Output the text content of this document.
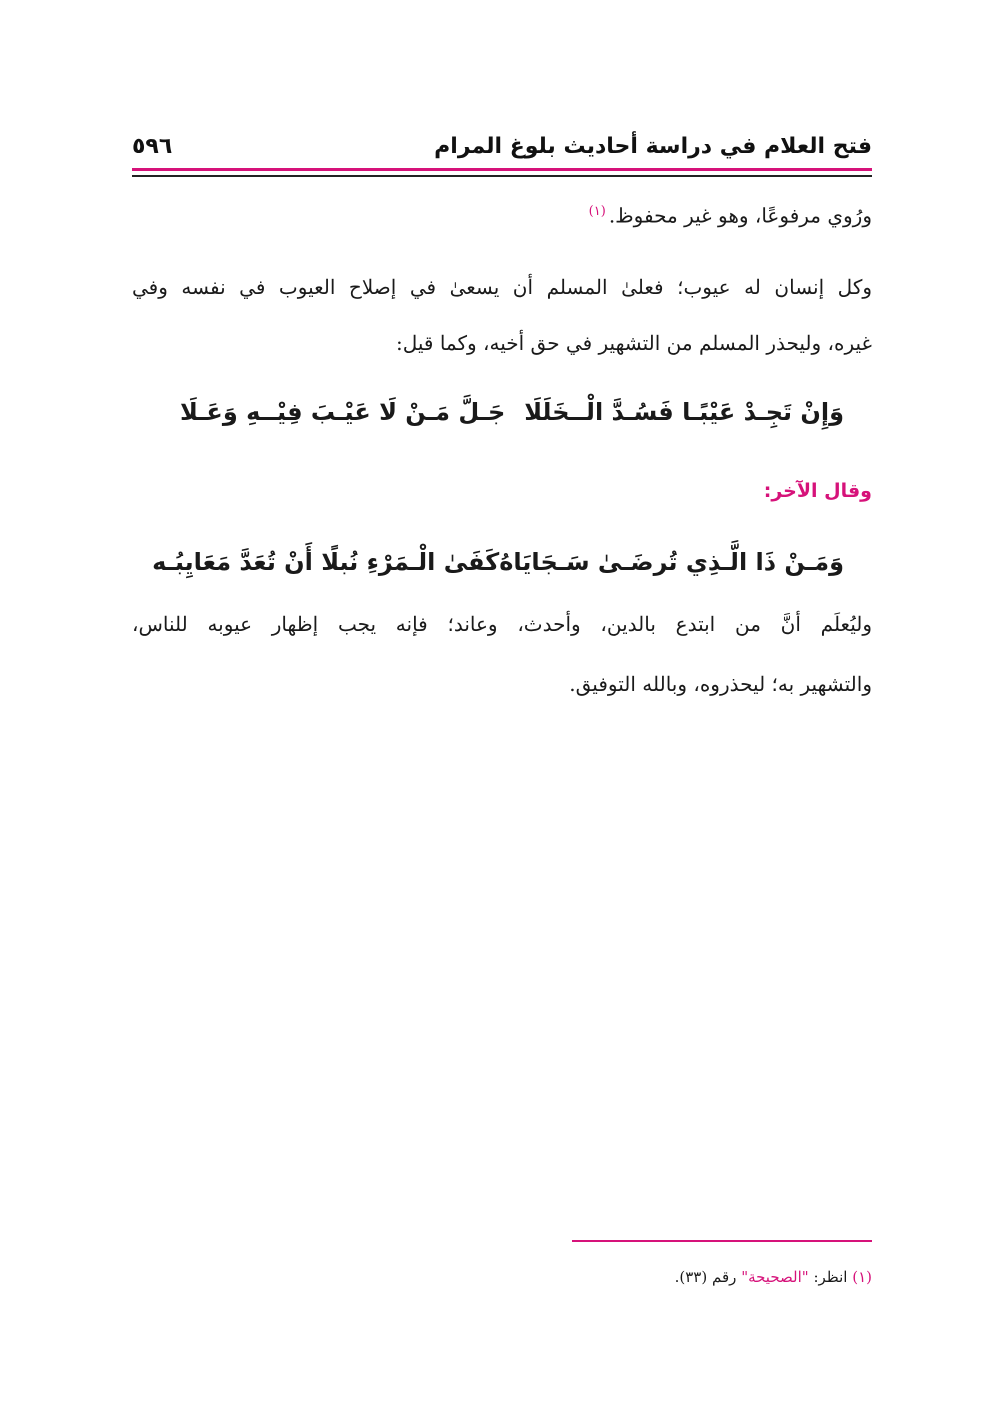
فتح العلام في دراسة أحاديث بلوغ المرام
٥٩٦
ورُوي مرفوعًا، وهو غير محفوظ.$^{(١)}$
وكل إنسان له عيوب؛ فعلىٰ المسلم أن يسعىٰ في إصلاح العيوب في نفسه وفي
غيره، وليحذر المسلم من التشهير في حق أخيه، وكما قيل:
وَإِنْ تَجِـدْ عَيْبًـا فَسُـدَّ الْــخَلَلَا
جَـلَّ مَـنْ لَا عَيْـبَ فِيْــهِ وَعَـلَا
وقال الآخر:
وَمَـنْ ذَا الَّـذِي تُرضَـىٰ سَـجَايَاهُ
كَفَىٰ الْـمَرْءِ نُبلًا أَنْ تُعَدَّ مَعَايِبُـه
وليُعلَم أنَّ من ابتدع بالدين، وأحدث، وعاند؛ فإنه يجب إظهار عيوبه للناس،
والتشهير به؛ ليحذروه، وبالله التوفيق.
(١) انظر: "الصحيحة" رقم (٣٣).
